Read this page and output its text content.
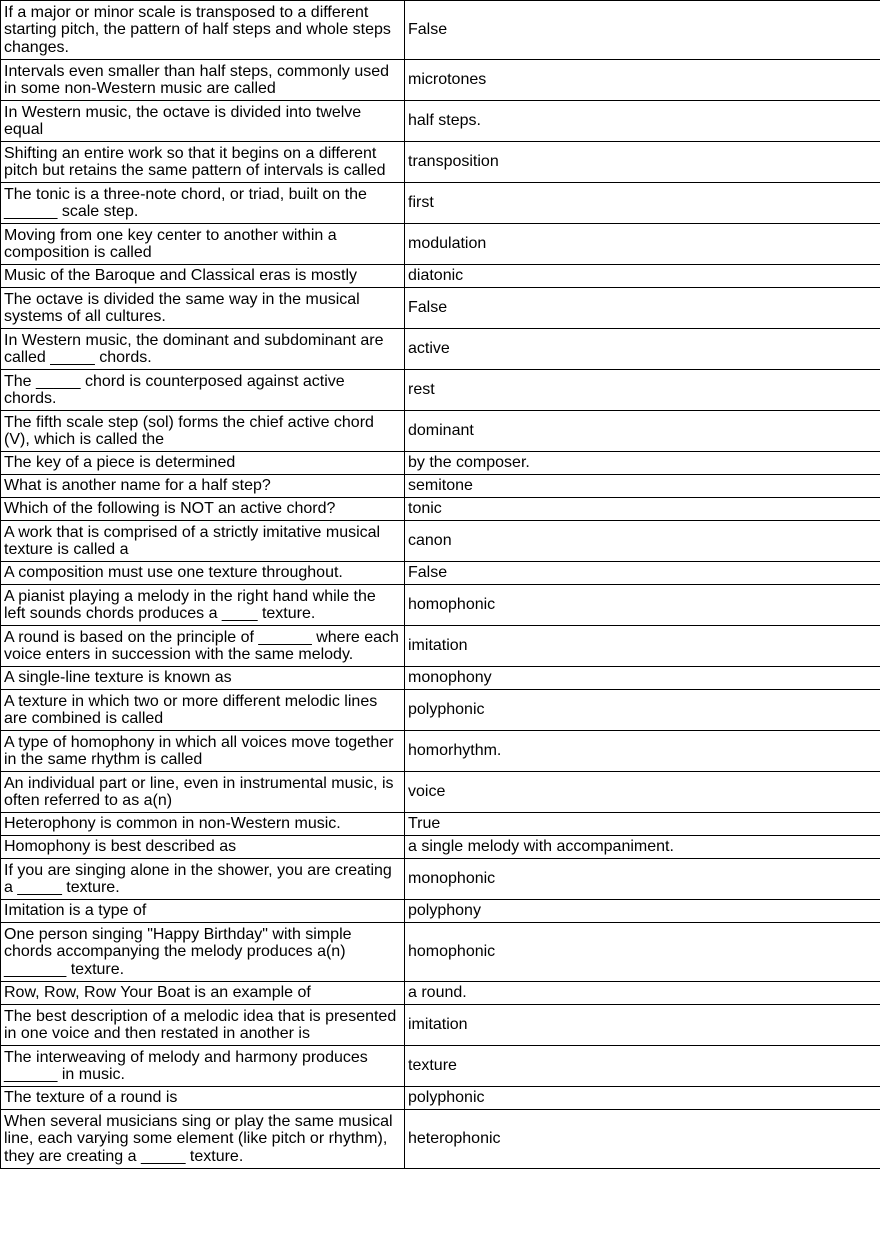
If a major or minor scale is transposed to a different starting pitch, the pattern of half steps and whole steps changes.	False
Intervals even smaller than half steps, commonly used in some non-Western music are called	microtones
In Western music, the octave is divided into twelve equal	half steps.
Shifting an entire work so that it begins on a different pitch but retains the same pattern of intervals is called	transposition
The tonic is a three-note chord, or triad, built on the ______ scale step.	first
Moving from one key center to another within a composition is called	modulation
Music of the Baroque and Classical eras is mostly	diatonic
The octave is divided the same way in the musical systems of all cultures.	False
In Western music, the dominant and subdominant are called _____ chords.	active
The _____ chord is counterposed against active chords.	rest
The fifth scale step (sol) forms the chief active chord (V), which is called the	dominant
The key of a piece is determined	by the composer.
What is another name for a half step?	semitone
Which of the following is NOT an active chord?	tonic
A work that is comprised of a strictly imitative musical texture is called a	canon
A composition must use one texture throughout.	False
A pianist playing a melody in the right hand while the left sounds chords produces a ____ texture.	homophonic
A round is based on the principle of ______ where each voice enters in succession with the same melody.	imitation
A single-line texture is known as	monophony
A texture in which two or more different melodic lines are combined is called	polyphonic
A type of homophony in which all voices move together in the same rhythm is called	homorhythm.
An individual part or line, even in instrumental music, is often referred to as a(n)	voice
Heterophony is common in non-Western music.	True
Homophony is best described as	a single melody with accompaniment.
If you are singing alone in the shower, you are creating a _____ texture.	monophonic
Imitation is a type of	polyphony
One person singing "Happy Birthday" with simple chords accompanying the melody produces a(n) _______ texture.	homophonic
Row, Row, Row Your Boat is an example of	a round.
The best description of a melodic idea that is presented in one voice and then restated in another is	imitation
The interweaving of melody and harmony produces ______ in music.	texture
The texture of a round is	polyphonic
When several musicians sing or play the same musical line, each varying some element (like pitch or rhythm), they are creating a _____ texture.	heterophonic
